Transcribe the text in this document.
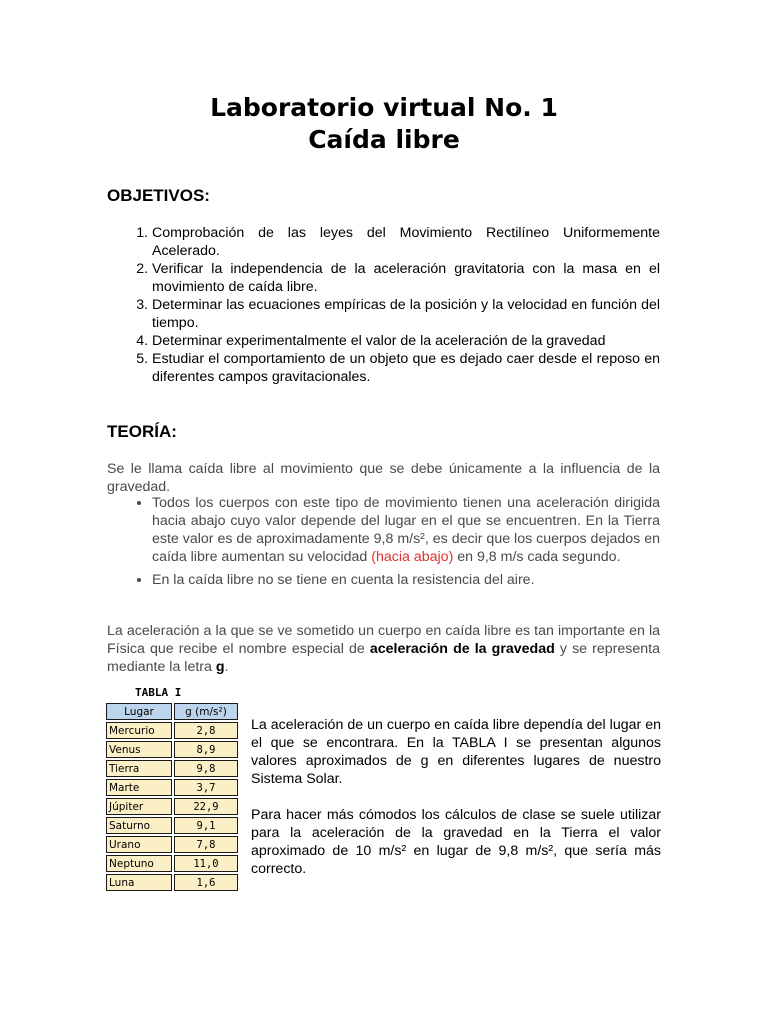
Laboratorio virtual No. 1
Caída libre
OBJETIVOS:
1. Comprobación de las leyes del Movimiento Rectilíneo Uniformemente Acelerado.
2. Verificar la independencia de la aceleración gravitatoria con la masa en el movimiento de caída libre.
3. Determinar las ecuaciones empíricas de la posición y la velocidad en función del tiempo.
4. Determinar experimentalmente el valor de la aceleración de la gravedad
5. Estudiar el comportamiento de un objeto que es dejado caer desde el reposo en diferentes campos gravitacionales.
TEORÍA:

Se le llama caída libre al movimiento que se debe únicamente a la influencia de la gravedad.

• Todos los cuerpos con este tipo de movimiento tienen una aceleración dirigida hacia abajo cuyo valor depende del lugar en el que se encuentren. En la Tierra este valor es de aproximadamente 9,8 m/s², es decir que los cuerpos dejados en caída libre aumentan su velocidad (hacia abajo) en 9,8 m/s cada segundo.
• En la caída libre no se tiene en cuenta la resistencia del aire.

La aceleración a la que se ve sometido un cuerpo en caída libre es tan importante en la Física que recibe el nombre especial de aceleración de la gravedad y se representa mediante la letra g.

TABLA I
Lugar	g (m/s²)
Mercurio	2,8
Venus	8,9
Tierra	9,8
Marte	3,7
Júpiter	22,9
Saturno	9,1
Urano	7,8
Neptuno	11,0
Luna	1,6

La aceleración de un cuerpo en caída libre dependía del lugar en el que se encontrara. En la TABLA I se presentan algunos valores aproximados de g en diferentes lugares de nuestro Sistema Solar.

Para hacer más cómodos los cálculos de clase se suele utilizar para la aceleración de la gravedad en la Tierra el valor aproximado de 10 m/s² en lugar de 9,8 m/s², que sería más correcto.
